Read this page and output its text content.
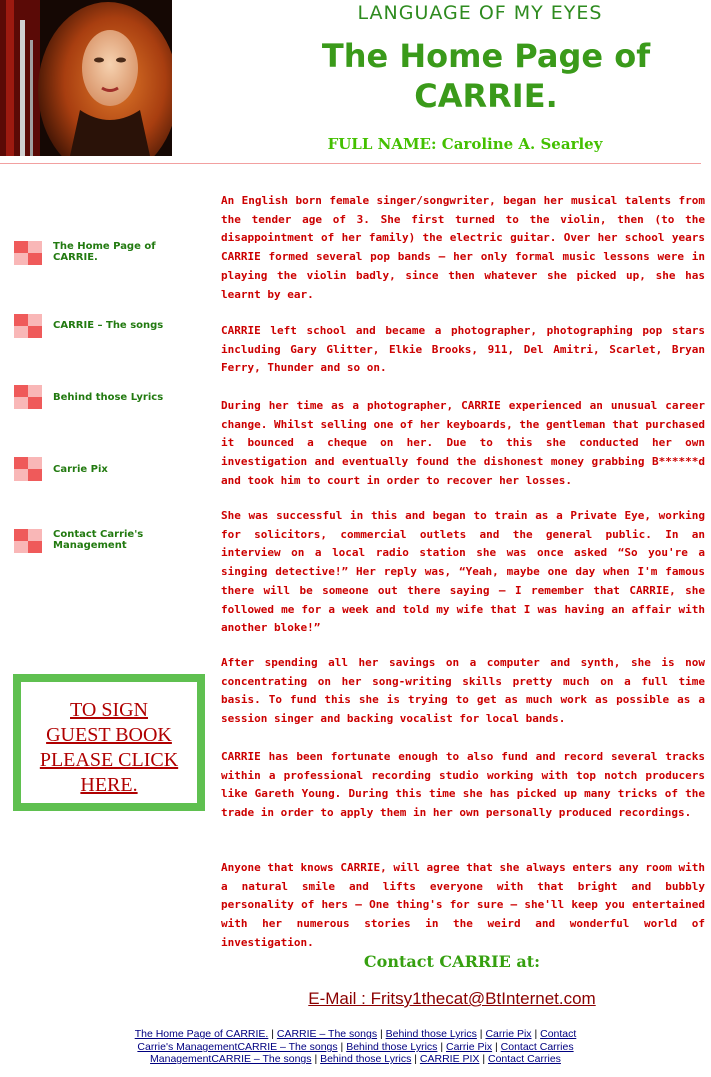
LANGUAGE OF MY EYES
The Home Page of
CARRIE.
FULL NAME: Caroline A. Searley
The Home Page of CARRIE.
CARRIE – The songs
Behind those Lyrics
Carrie Pix
Contact Carrie's Management
TO SIGN
GUEST BOOK
PLEASE CLICK
HERE.

An English born female singer/songwriter, began her musical talents from the tender age of 3. She first turned to the violin, then (to the disappointment of her family) the electric guitar. Over her school years CARRIE formed several pop bands – her only formal music lessons were in playing the violin badly, since then whatever she picked up, she has learnt by ear.

CARRIE left school and became a photographer, photographing pop stars including Gary Glitter, Elkie Brooks, 911, Del Amitri, Scarlet, Bryan Ferry, Thunder and so on.

During her time as a photographer, CARRIE experienced an unusual career change. Whilst selling one of her keyboards, the gentleman that purchased it bounced a cheque on her. Due to this she conducted her own investigation and eventually found the dishonest money grabbing B******d and took him to court in order to recover her losses.

She was successful in this and began to train as a Private Eye, working for solicitors, commercial outlets and the general public. In an interview on a local radio station she was once asked “So you're a singing detective!” Her reply was, “Yeah, maybe one day when I'm famous there will be someone out there saying – I remember that CARRIE, she followed me for a week and told my wife that I was having an affair with another bloke!”

After spending all her savings on a computer and synth, she is now concentrating on her song-writing skills pretty much on a full time basis. To fund this she is trying to get as much work as possible as a session singer and backing vocalist for local bands.

CARRIE has been fortunate enough to also fund and record several tracks within a professional recording studio working with top notch producers like Gareth Young. During this time she has picked up many tricks of the trade in order to apply them in her own personally produced recordings.

Anyone that knows CARRIE, will agree that she always enters any room with a natural smile and lifts everyone with that bright and bubbly personality of hers – One thing's for sure – she'll keep you entertained with her numerous stories in the weird and wonderful world of investigation.

Contact CARRIE at:
E-Mail : Fritsy1thecat@BtInternet.com
The Home Page of CARRIE. | CARRIE – The songs | Behind those Lyrics | Carrie Pix | Contact
Carrie's ManagementCARRIE – The songs | Behind those Lyrics | Carrie Pix | Contact Carries
ManagementCARRIE – The songs | Behind those Lyrics | CARRIE PIX | Contact Carries
